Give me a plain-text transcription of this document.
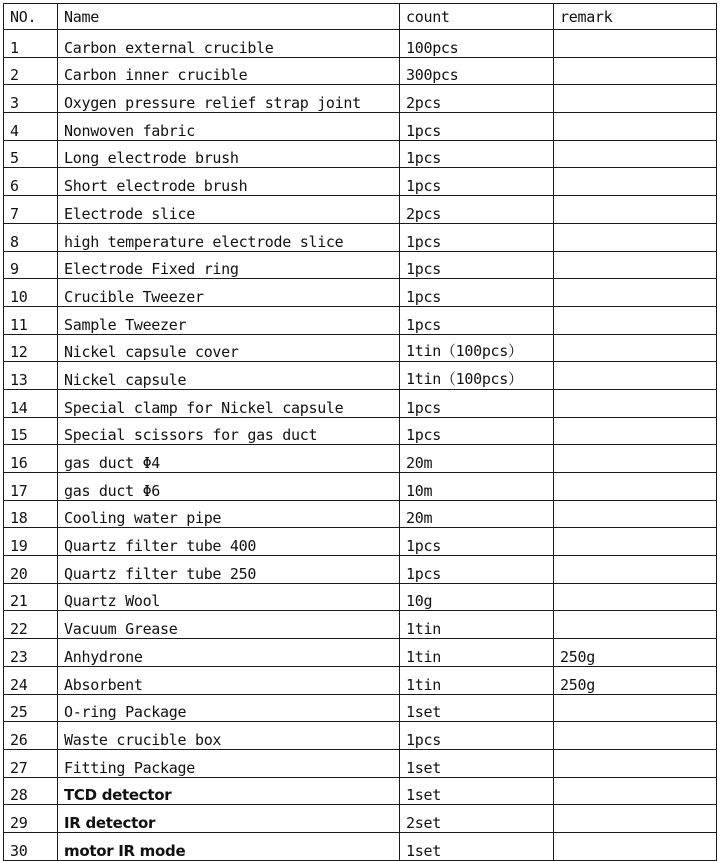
NO.	Name	count	remark
1	Carbon external crucible	100pcs	
2	Carbon inner crucible	300pcs	
3	Oxygen pressure relief strap joint	2pcs	
4	Nonwoven fabric	1pcs	
5	Long electrode brush	1pcs	
6	Short electrode brush	1pcs	
7	Electrode slice	2pcs	
8	high temperature electrode slice	1pcs	
9	Electrode Fixed ring	1pcs	
10	Crucible Tweezer	1pcs	
11	Sample Tweezer	1pcs	
12	Nickel capsule cover	1tin（100pcs）	
13	Nickel capsule	1tin（100pcs）	
14	Special clamp for Nickel capsule	1pcs	
15	Special scissors for gas duct	1pcs	
16	gas duct Φ4	20m	
17	gas duct Φ6	10m	
18	Cooling water pipe	20m	
19	Quartz filter tube 400	1pcs	
20	Quartz filter tube 250	1pcs	
21	Quartz Wool	10g	
22	Vacuum Grease	1tin	
23	Anhydrone	1tin	250g
24	Absorbent	1tin	250g
25	O-ring Package	1set	
26	Waste crucible box	1pcs	
27	Fitting Package	1set	
28	TCD detector	1set	
29	IR detector	2set	
30	motor IR mode	1set	
